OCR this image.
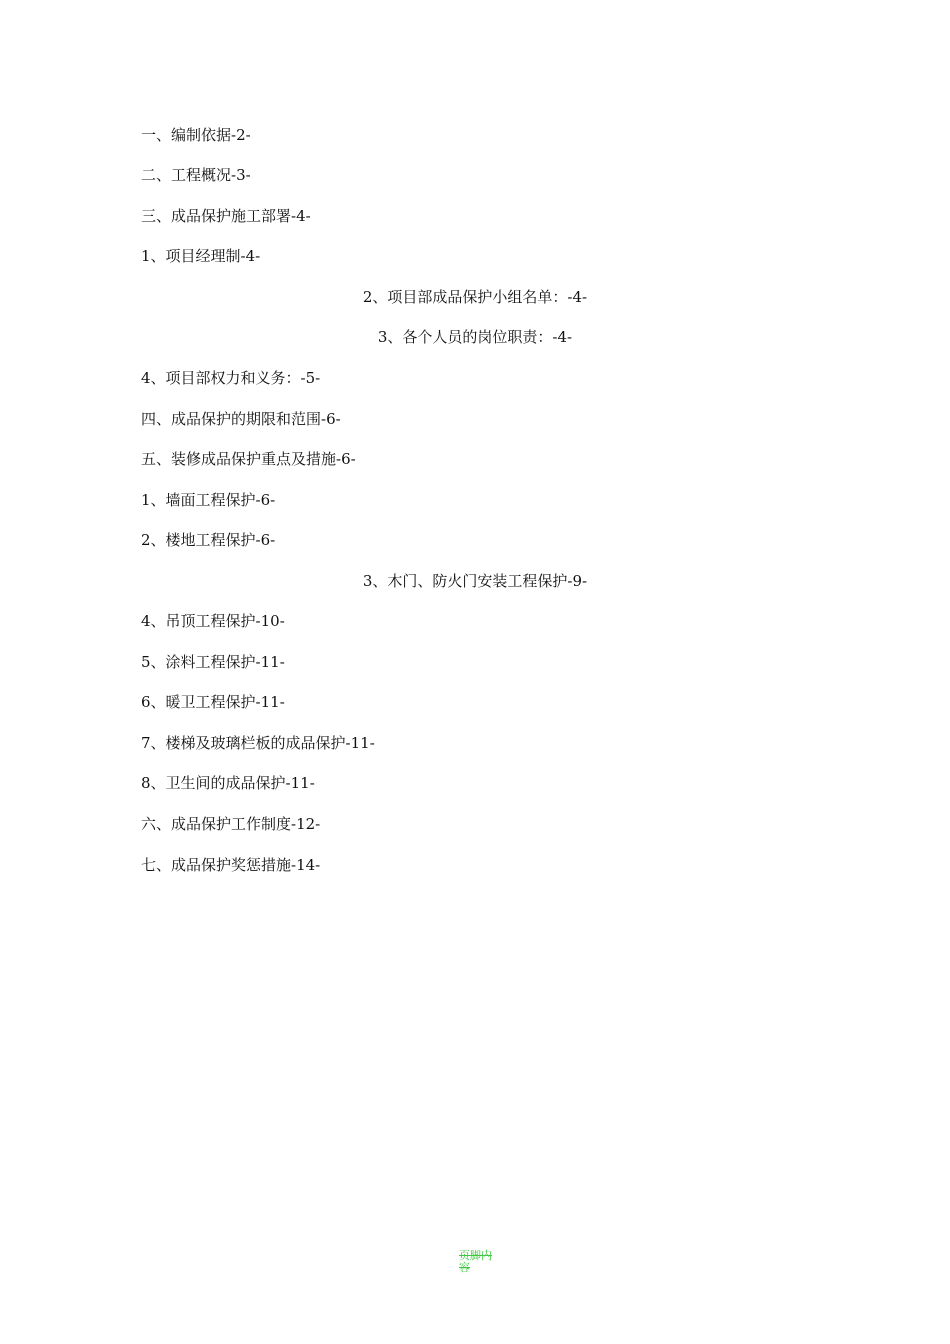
一、编制依据-2-
二、工程概况-3-
三、成品保护施工部署-4-
1、项目经理制-4-
2、项目部成品保护小组名单：-4-
3、各个人员的岗位职责：-4-
4、项目部权力和义务：-5-
四、成品保护的期限和范围-6-
五、装修成品保护重点及措施-6-
1、墙面工程保护-6-
2、楼地工程保护-6-
3、木门、防火门安装工程保护-9-
4、吊顶工程保护-10-
5、涂料工程保护-11-
6、暖卫工程保护-11-
7、楼梯及玻璃栏板的成品保护-11-
8、卫生间的成品保护-11-
六、成品保护工作制度-12-
七、成品保护奖惩措施-14-
页脚内容
